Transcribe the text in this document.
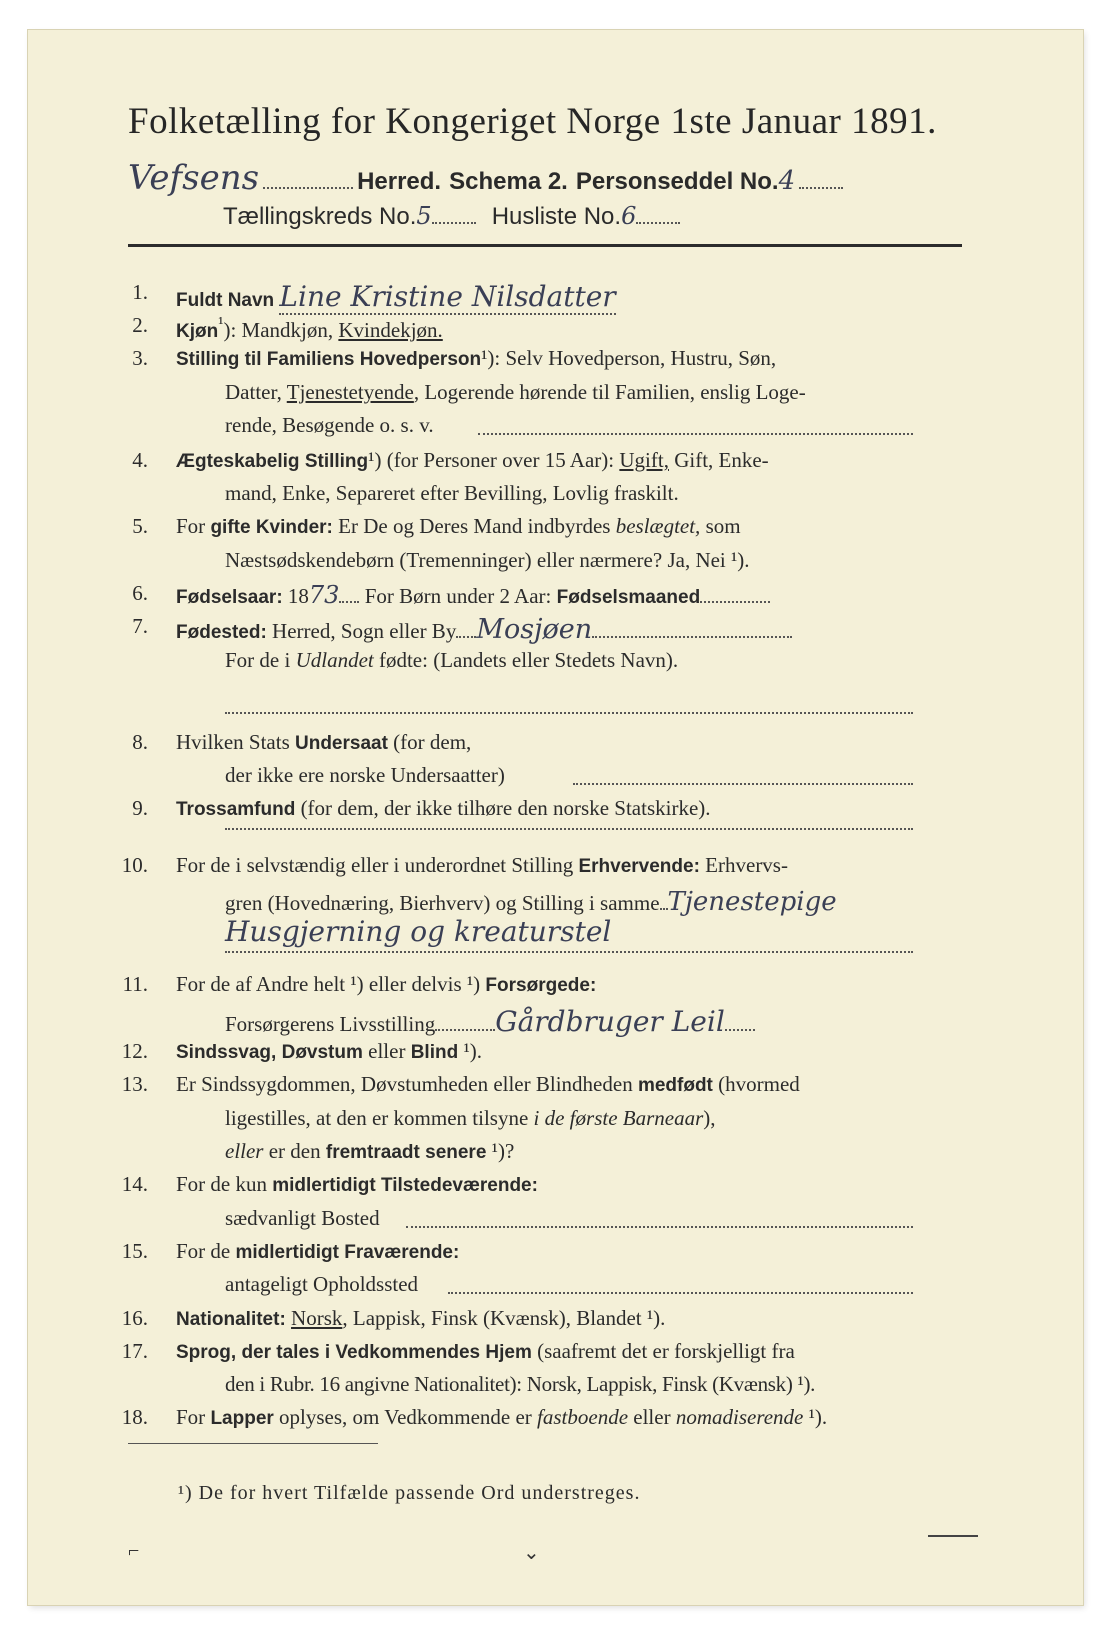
Folketælling for Kongeriget Norge 1ste Januar 1891.
Vefsens	Herred. Schema 2. Personseddel No.4
Tællingskreds No.5	Husliste No.6
1. Fuldt Navn Line Kristine Nilsdatter
2. Kjøn$^{^1}$): Mandkjøn, Kvindekjøn.
3. Stilling til Familiens Hovedperson¹): Selv Hovedperson, Hustru, Søn,
Datter, Tjenestetyende, Logerende hørende til Familien, enslig Loge-
rende, Besøgende o. s. v.
4. Ægteskabelig Stilling¹) (for Personer over 15 Aar): Ugift, Gift, Enke-
mand, Enke, Separeret efter Bevilling, Lovlig fraskilt.
5. For gifte Kvinder: Er De og Deres Mand indbyrdes beslægtet, som
Næstsødskendebørn (Tremenninger) eller nærmere? Ja, Nei ¹).
6. Fødselsaar: 1873 For Børn under 2 Aar: Fødselsmaaned
7. Fødested: Herred, Sogn eller By Mosjøen
For de i Udlandet fødte: (Landets eller Stedets Navn).
8. Hvilken Stats Undersaat (for dem,
der ikke ere norske Undersaatter)
9. Trossamfund (for dem, der ikke tilhøre den norske Statskirke).
10. For de i selvstændig eller i underordnet Stilling Erhvervende: Erhvervs-
gren (Hovednæring, Bierhverv) og Stilling i samme Tjenestepige
Husgjerning og kreaturstel
11. For de af Andre helt ¹) eller delvis ¹) Forsørgede:
Forsørgerens Livsstilling Gårdbruger Leil
12. Sindssvag, Døvstum eller Blind ¹).
13. Er Sindssygdommen, Døvstumheden eller Blindheden medfødt (hvormed
ligestilles, at den er kommen tilsyne i de første Barneaar),
eller er den fremtraadt senere ¹)?
14. For de kun midlertidigt Tilstedeværende:
sædvanligt Bosted
15. For de midlertidigt Fraværende:
antageligt Opholdssted
16. Nationalitet: Norsk, Lappisk, Finsk (Kvænsk), Blandet ¹).
17. Sprog, der tales i Vedkommendes Hjem (saafremt det er forskjelligt fra
den i Rubr. 16 angivne Nationalitet): Norsk, Lappisk, Finsk (Kvænsk) ¹).
18. For Lapper oplyses, om Vedkommende er fastboende eller nomadiserende ¹).
¹) De for hvert Tilfælde passende Ord understreges.
⌐	⌄
